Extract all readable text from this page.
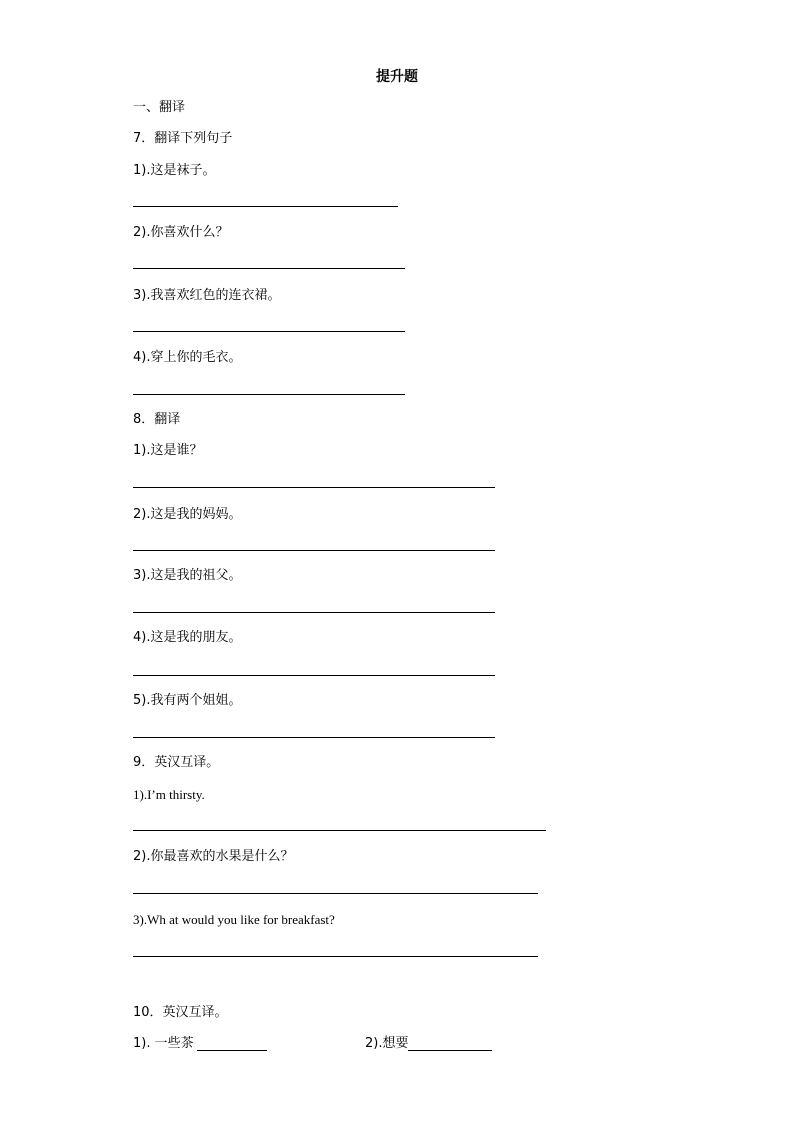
提升题
一、翻译
7．翻译下列句子
1).这是袜子。
2).你喜欢什么？
3).我喜欢红色的连衣裙。
4).穿上你的毛衣。
8．翻译
1).这是谁？
2).这是我的妈妈。
3).这是我的祖父。
4).这是我的朋友。
5).我有两个姐姐。
9．英汉互译。
1).I’m thirsty.
2).你最喜欢的水果是什么？
3).Wh at would you like for breakfast?
10．英汉互译。
1). 一些茶	2).想要
